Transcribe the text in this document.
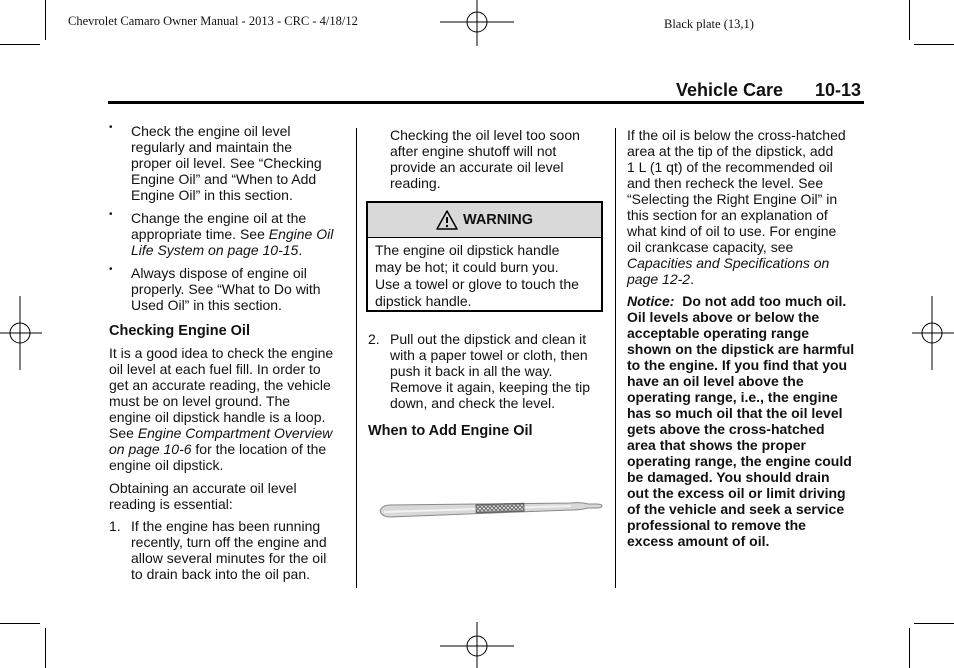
Chevrolet Camaro Owner Manual - 2013 - CRC - 4/18/12	Black plate (13,1)
Vehicle Care 10-13
• Check the engine oil level

regularly and maintain the

proper oil level. See “Checking

Engine Oil” and “When to Add

Engine Oil” in this section.

• Change the engine oil at the

appropriate time. See Engine Oil

Life System on page 10-15.

• Always dispose of engine oil

properly. See “What to Do with

Used Oil” in this section.

Checking Engine Oil

It is a good idea to check the engine

oil level at each fuel fill. In order to

get an accurate reading, the vehicle

must be on level ground. The

engine oil dipstick handle is a loop.

See Engine Compartment Overview

on page 10-6 for the location of the

engine oil dipstick.

Obtaining an accurate oil level

reading is essential:

1. If the engine has been running

recently, turn off the engine and

allow several minutes for the oil

to drain back into the oil pan.

Checking the oil level too soon

after engine shutoff will not

provide an accurate oil level

reading.

WARNING

The engine oil dipstick handle

may be hot; it could burn you.

Use a towel or glove to touch the

dipstick handle.

2. Pull out the dipstick and clean it

with a paper towel or cloth, then

push it back in all the way.

Remove it again, keeping the tip

down, and check the level.

When to Add Engine Oil

If the oil is below the cross-hatched

area at the tip of the dipstick, add

1 L (1 qt) of the recommended oil

and then recheck the level. See

“Selecting the Right Engine Oil” in

this section for an explanation of

what kind of oil to use. For engine

oil crankcase capacity, see

Capacities and Specifications on

page 12-2.

Notice: Do not add too much oil.

Oil levels above or below the

acceptable operating range

shown on the dipstick are harmful

to the engine. If you find that you

have an oil level above the

operating range, i.e., the engine

has so much oil that the oil level

gets above the cross-hatched

area that shows the proper

operating range, the engine could

be damaged. You should drain

out the excess oil or limit driving

of the vehicle and seek a service

professional to remove the

excess amount of oil.
